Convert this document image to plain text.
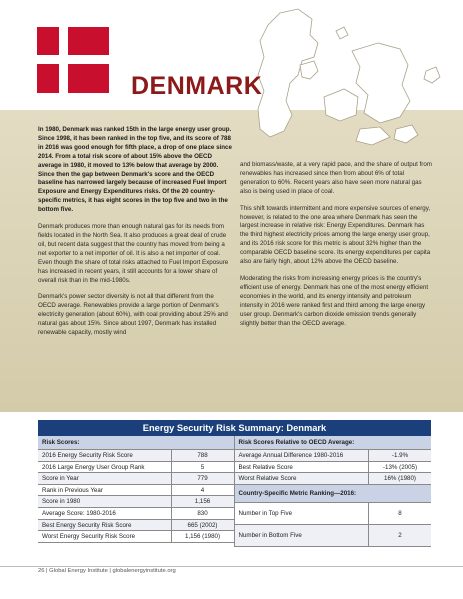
DENMARK

In 1980, Denmark was ranked 15th in the large energy user group. Since 1998, it has been ranked in the top five, and its score of 788 in 2016 was good enough for fifth place, a drop of one place since 2014. From a total risk score of about 15% above the OECD average in 1980, it moved to 13% below that average by 2000. Since then the gap between Denmark's score and the OECD baseline has narrowed largely because of increased Fuel Import Exposure and Energy Expenditures risks. Of the 20 country-specific metrics, it has eight scores in the top five and two in the bottom five.

Denmark produces more than enough natural gas for its needs from fields located in the North Sea. It also produces a great deal of crude oil, but recent data suggest that the country has moved from being a net exporter to a net importer of oil. It is also a net importer of coal. Even though the share of total risks attached to Fuel Import Exposure has increased in recent years, it still accounts for a lower share of overall risk than in the mid-1980s.

Denmark's power sector diversity is not all that different from the OECD average. Renewables provide a large portion of Denmark's electricity generation (about 60%), with coal providing about 25% and natural gas about 15%. Since about 1997, Denmark has installed renewable capacity, mostly wind

and biomass/waste, at a very rapid pace, and the share of output from renewables has increased since then from about 6% of total generation to 60%. Recent years also have seen more natural gas also is being used in place of coal.

This shift towards intermittent and more expensive sources of energy, however, is related to the one area where Denmark has seen the largest increase in relative risk: Energy Expenditures. Denmark has the third highest electricity prices among the large energy user group, and its 2016 risk score for this metric is about 32% higher than the comparable OECD baseline score. Its energy expenditures per capita also are fairly high, about 12% above the OECD baseline.

Moderating the risks from increasing energy prices is the country's efficient use of energy. Denmark has one of the most energy efficient economies in the world, and its energy intensity and petroleum intensity in 2016 were ranked first and third among the large energy user group. Denmark's carbon dioxide emission trends generally slightly better than the OECD average.

Energy Security Risk Summary: Denmark
Risk Scores:
2016 Energy Security Risk Score	788
2016 Large Energy User Group Rank	5
Score in Year	779
Rank in Previous Year	4
Score in 1980	1,156
Average Score: 1980-2016	830
Best Energy Security Risk Score	665 (2002)
Worst Energy Security Risk Score	1,156 (1980)
Risk Scores Relative to OECD Average:
Average Annual Difference 1980-2016	-1.9%
Best Relative Score	-13% (2005)
Worst Relative Score	16% (1980)
Country-Specific Metric Ranking—2016:
Number in Top Five	8
Number in Bottom Five	2
26 | Global Energy Institute | globalenergyinstitute.org
